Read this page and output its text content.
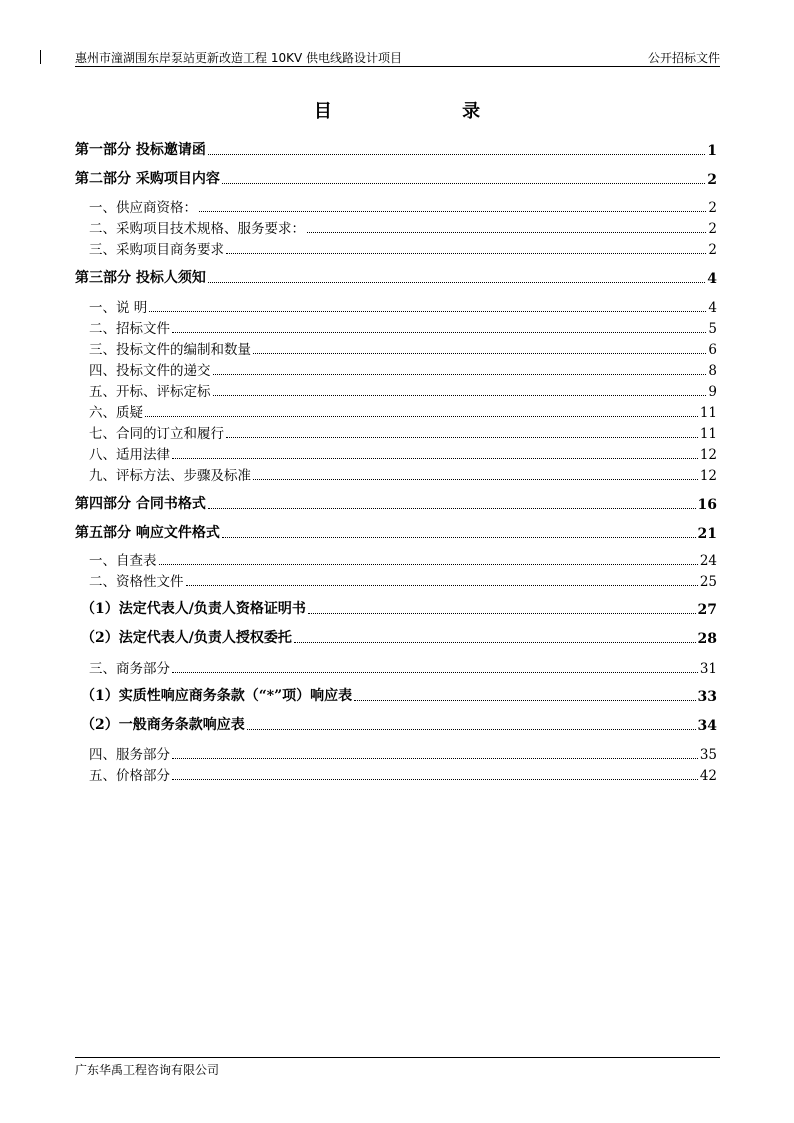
惠州市潼湖围东岸泵站更新改造工程 10KV 供电线路设计项目	公开招标文件
目 录
第一部分 投标邀请函	1
第二部分 采购项目内容	2
一、供应商资格：	2
二、采购项目技术规格、服务要求：	2
三、采购项目商务要求	2
第三部分 投标人须知	4
一、说 明	4
二、招标文件	5
三、投标文件的编制和数量	6
四、投标文件的递交	8
五、开标、评标定标	9
六、质疑	11
七、合同的订立和履行	11
八、适用法律	12
九、评标方法、步骤及标准	12
第四部分 合同书格式	16
第五部分 响应文件格式	21
一、自查表	24
二、资格性文件	25
（1）法定代表人/负责人资格证明书	27
（2）法定代表人/负责人授权委托	28
三、商务部分	31
（1）实质性响应商务条款（“*”项）响应表	33
（2）一般商务条款响应表	34
四、服务部分	35
五、价格部分	42
广东华禹工程咨询有限公司
